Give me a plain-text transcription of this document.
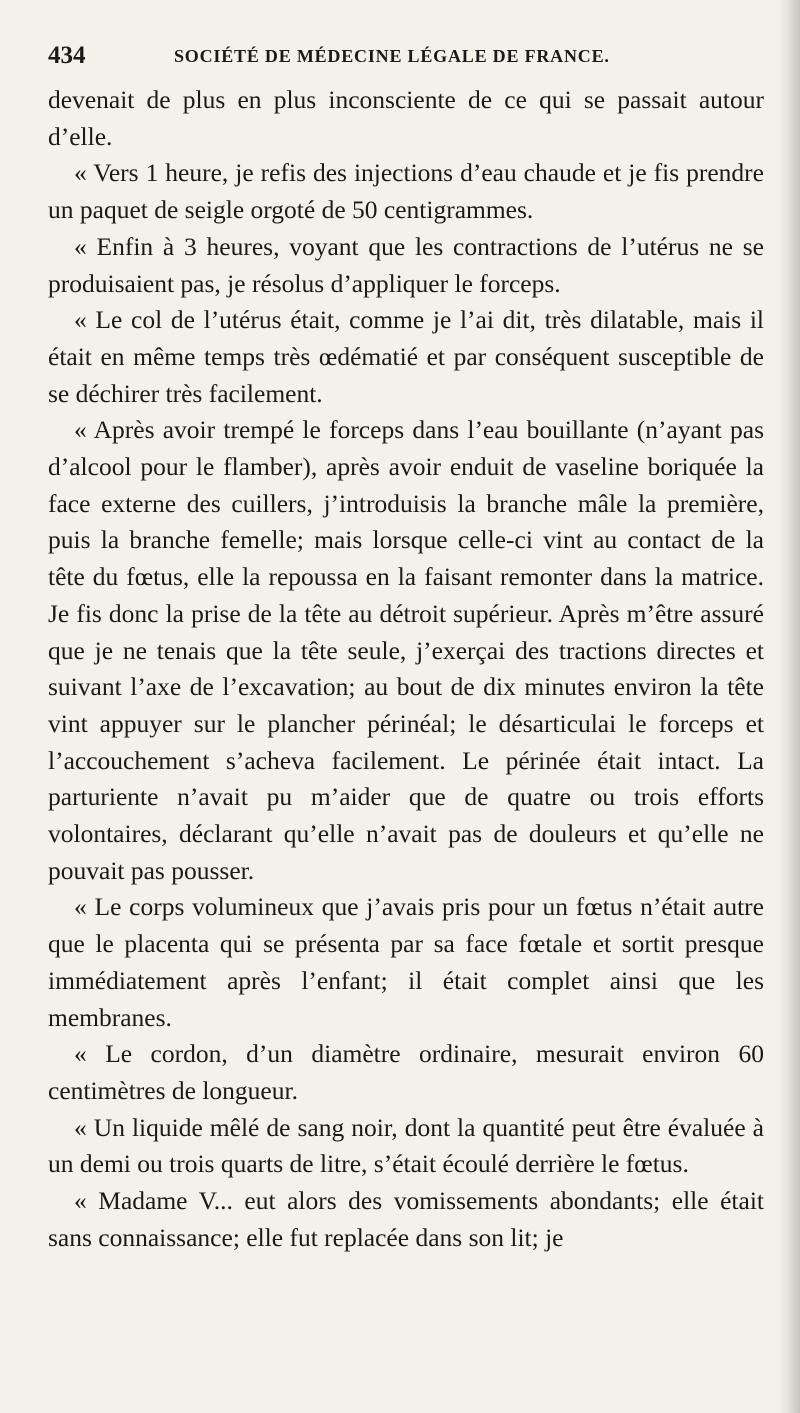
434	SOCIÉTÉ DE MÉDECINE LÉGALE DE FRANCE.

devenait de plus en plus inconsciente de ce qui se passait autour d’elle.

« Vers 1 heure, je refis des injections d’eau chaude et je fis prendre un paquet de seigle orgoté de 50 centigrammes.

« Enfin à 3 heures, voyant que les contractions de l’utérus ne se produisaient pas, je résolus d’appliquer le forceps.

« Le col de l’utérus était, comme je l’ai dit, très dilatable, mais il était en même temps très œdématié et par conséquent susceptible de se déchirer très facilement.

« Après avoir trempé le forceps dans l’eau bouillante (n’ayant pas d’alcool pour le flamber), après avoir enduit de vaseline boriquée la face externe des cuillers, j’introduisis la branche mâle la première, puis la branche femelle; mais lorsque celle-ci vint au contact de la tête du fœtus, elle la repoussa en la faisant remonter dans la matrice. Je fis donc la prise de la tête au détroit supérieur. Après m’être assuré que je ne tenais que la tête seule, j’exerçai des tractions directes et suivant l’axe de l’excavation; au bout de dix minutes environ la tête vint appuyer sur le plancher périnéal; le désarticulai le forceps et l’accouchement s’acheva facilement. Le périnée était intact. La parturiente n’avait pu m’aider que de quatre ou trois efforts volontaires, déclarant qu’elle n’avait pas de douleurs et qu’elle ne pouvait pas pousser.

« Le corps volumineux que j’avais pris pour un fœtus n’était autre que le placenta qui se présenta par sa face fœtale et sortit presque immédiatement après l’enfant; il était complet ainsi que les membranes.

« Le cordon, d’un diamètre ordinaire, mesurait environ 60 centimètres de longueur.

« Un liquide mêlé de sang noir, dont la quantité peut être évaluée à un demi ou trois quarts de litre, s’était écoulé derrière le fœtus.

« Madame V... eut alors des vomissements abondants; elle était sans connaissance; elle fut replacée dans son lit; je
